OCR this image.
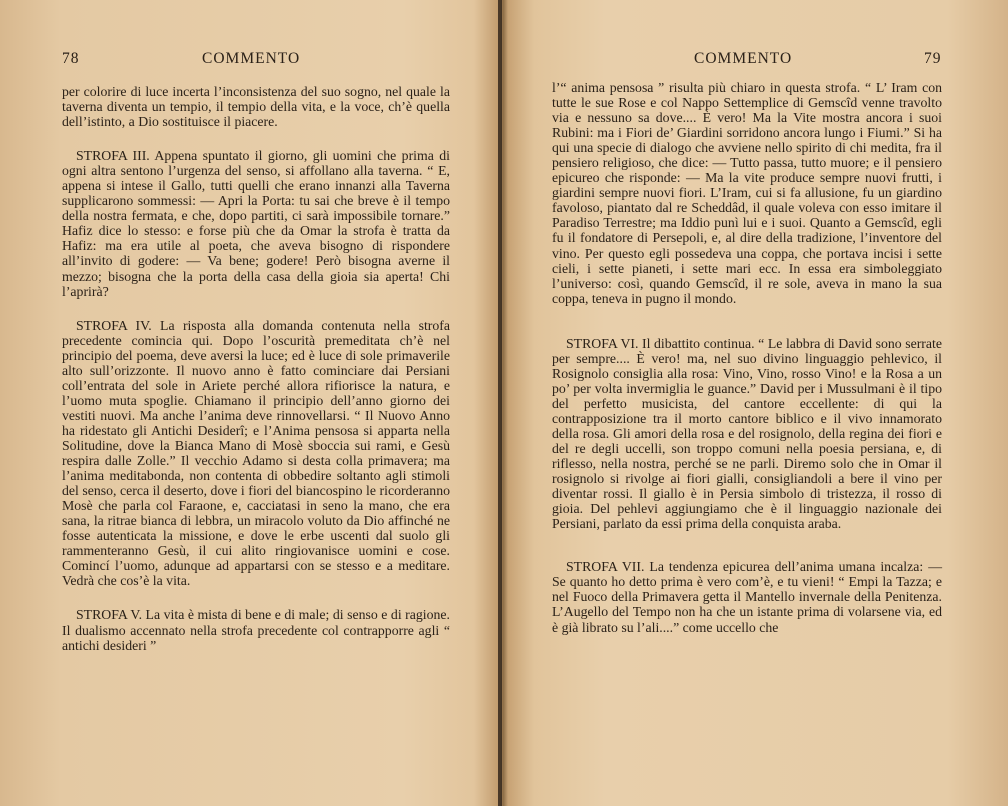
78	COMMENTO

per colorire di luce incerta l’inconsistenza del suo sogno, nel quale la taverna diventa un tempio, il tempio della vita, e la voce, ch’è quella dell’istinto, a Dio sostituisce il piacere.

STROFA III. Appena spuntato il giorno, gli uomini che prima di ogni altra sentono l’urgenza del senso, si affollano alla taverna. “ E, appena si intese il Gallo, tutti quelli che erano innanzi alla Taverna supplicarono sommessi: — Apri la Porta: tu sai che breve è il tempo della nostra fermata, e che, dopo partiti, ci sarà impossibile tornare.” Hafiz dice lo stesso: e forse più che da Omar la strofa è tratta da Hafiz: ma era utile al poeta, che aveva bisogno di rispondere all’invito di godere: — Va bene; godere! Però bisogna averne il mezzo; bisogna che la porta della casa della gioia sia aperta! Chi l’aprirà?

STROFA IV. La risposta alla domanda contenuta nella strofa precedente comincia qui. Dopo l’oscurità premeditata ch’è nel principio del poema, deve aversi la luce; ed è luce di sole primaverile alto sull’orizzonte. Il nuovo anno è fatto cominciare dai Persiani coll’entrata del sole in Ariete perché allora rifiorisce la natura, e l’uomo muta spoglie. Chiamano il principio dell’anno giorno dei vestiti nuovi. Ma anche l’anima deve rinnovellarsi. “ Il Nuovo Anno ha ridestato gli Antichi Desiderî; e l’Anima pensosa si apparta nella Solitudine, dove la Bianca Mano di Mosè sboccia sui rami, e Gesù respira dalle Zolle.” Il vecchio Adamo si desta colla primavera; ma l’anima meditabonda, non contenta di obbedire soltanto agli stimoli del senso, cerca il deserto, dove i fiori del biancospino le ricorderanno Mosè che parla col Faraone, e, cacciatasi in seno la mano, che era sana, la ritrae bianca di lebbra, un miracolo voluto da Dio affinché ne fosse autenticata la missione, e dove le erbe uscenti dal suolo gli rammenteranno Gesù, il cui alito ringiovanisce uomini e cose. Comincí l’uomo, adunque ad appartarsi con se stesso e a meditare. Vedrà che cos’è la vita.

STROFA V. La vita è mista di bene e di male; di senso e di ragione. Il dualismo accennato nella strofa precedente col contrapporre agli “ antichi desideri ”

COMMENTO	79

l’“ anima pensosa ” risulta più chiaro in questa strofa. “ L’ Iram con tutte le sue Rose e col Nappo Settemplice di Gemscîd venne travolto via e nessuno sa dove.... È vero! Ma la Vite mostra ancora i suoi Rubini: ma i Fiori de’ Giardini sorridono ancora lungo i Fiumi.” Si ha qui una specie di dialogo che avviene nello spirito di chi medita, fra il pensiero religioso, che dice: — Tutto passa, tutto muore; e il pensiero epicureo che risponde: — Ma la vite produce sempre nuovi frutti, i giardini sempre nuovi fiori. L’Iram, cui si fa allusione, fu un giardino favoloso, piantato dal re Scheddâd, il quale voleva con esso imitare il Paradiso Terrestre; ma Iddio punì lui e i suoi. Quanto a Gemscîd, egli fu il fondatore di Persepoli, e, al dire della tradizione, l’inventore del vino. Per questo egli possedeva una coppa, che portava incisi i sette cieli, i sette pianeti, i sette mari ecc. In essa era simboleggiato l’universo: così, quando Gemscîd, il re sole, aveva in mano la sua coppa, teneva in pugno il mondo.

STROFA VI. Il dibattito continua. “ Le labbra di David sono serrate per sempre.... È vero! ma, nel suo divino linguaggio pehlevico, il Rosignolo consiglia alla rosa: Vino, Vino, rosso Vino! e la Rosa a un po’ per volta invermiglia le guance.” David per i Mussulmani è il tipo del perfetto musicista, del cantore eccellente: di qui la contrapposizione tra il morto cantore biblico e il vivo innamorato della rosa. Gli amori della rosa e del rosignolo, della regina dei fiori e del re degli uccelli, son troppo comuni nella poesia persiana, e, di riflesso, nella nostra, perché se ne parli. Diremo solo che in Omar il rosignolo si rivolge ai fiori gialli, consigliandoli a bere il vino per diventar rossi. Il giallo è in Persia simbolo di tristezza, il rosso di gioia. Del pehlevi aggiungiamo che è il linguaggio nazionale dei Persiani, parlato da essi prima della conquista araba.

STROFA VII. La tendenza epicurea dell’anima umana incalza: — Se quanto ho detto prima è vero com’è, e tu vieni! “ Empi la Tazza; e nel Fuoco della Primavera getta il Mantello invernale della Penitenza. L’Augello del Tempo non ha che un istante prima di volarsene via, ed è già librato su l’ali....” come uccello che
